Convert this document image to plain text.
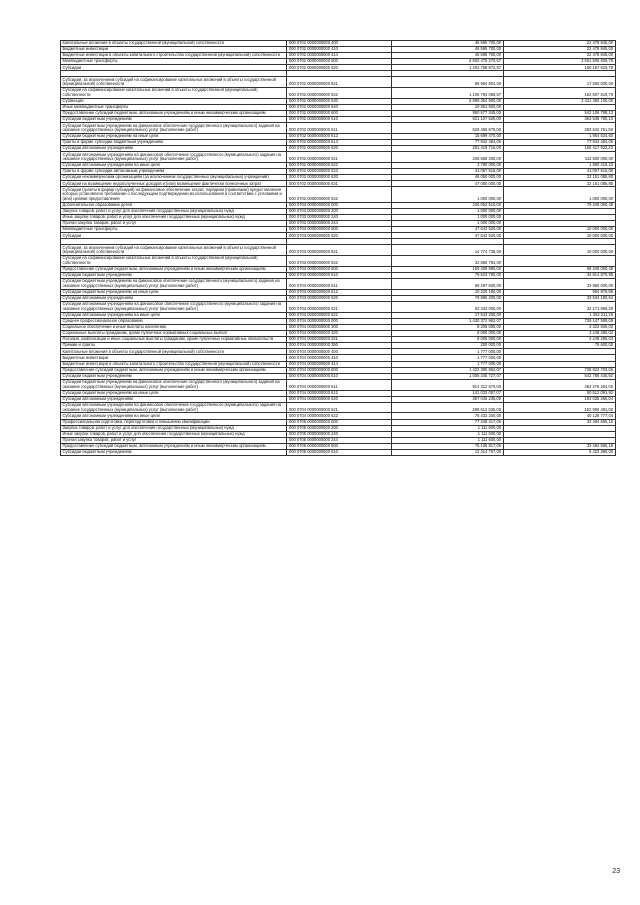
Капитальные вложения в объекты государственной (муниципальной) собственности	000 0702 0000000000 400	46 595 700,00	22 478 845,00
Бюджетные инвестиции	000 0702 0000000000 410	46 595 700,00	22 478 845,00
Бюджетные инвестиции в объекты капитального строительства государственной (муниципальной) собственности	000 0702 0000000000 414	46 595 700,00	22 478 845,00
Межбюджетные трансферты	000 0702 0000000000 500	6 602 475 270,57	3 601 506 609,79
Субсидии	000 0702 0000000000 520	1 202 758 872,57	180 157 619,79

Субсидии, за исключением субсидий на софинансирование капитальных вложений в объекты государственной (муниципальной) собственности	000 0702 0000000000 521	95 964 804,00	17 550 000,00
Субсидии на софинансирование капитальных вложений в объекты государственной (муниципальной) собственности	000 0702 0000000000 522	1 106 794 068,57	162 607 619,79
Субвенции	000 0702 0000000000 530	5 889 354 900,00	3 421 350 100,00
Иные межбюджетные трансферты	000 0702 0000000000 540	10 361 500,00	
Предоставление субсидий бюджетным, автономным учреждениям и иным некоммерческим организациям	000 0702 0000000000 600	950 577 345,00	542 106 798,13
Субсидии бюджетным учреждениям	000 0702 0000000000 610	621 107 629,00	363 538 780,10
Субсидии бюджетным учреждениям на финансовое обеспечение государственного (муниципального) задания на оказание государственных (муниципальных) услуг (выполнение работ)	000 0702 0000000000 611	528 465 675,00	283 642 761,50
Субсидии бюджетным учреждениям на иные цели	000 0702 0000000000 612	15 699 470,00	1 954 534,60
Гранты в форме субсидии бюджетным учреждениям	000 0702 0000000000 613	77 942 484,00	77 942 484,00
Субсидии автономным учреждениям	000 0702 0000000000 620	281 419 716,00	155 417 932,23
Субсидии автономным учреждениям на финансовое обеспечение государственного (муниципального) задания на оказание государственных (муниципальных) услуг (выполнение работ)	000 0702 0000000000 621	236 568 200,00	112 500 000,00
Субсидии автономным учреждениям на иные цели	000 0702 0000000000 622	3 780 000,00	1 860 416,23
Гранты в форме субсидии автономным учреждениям	000 0702 0000000000 623	41 057 516,00	41 057 516,00
Субсидии некоммерческим организациям (за исключением государственных (муниципальных) учреждений)	000 0702 0000000000 630	46 050 000,00	23 151 085,80
Субсидии на возмещение недополученных доходов и (или) возмещение фактически понесенных затрат	000 0702 0000000000 631	47 050 000,00	22 151 085,80
Субсидии (гранты в форме субсидий) на финансовое обеспечение затрат, порядком (правилами) предоставления которых установлено требование о последующем подтверждении их использования в соответствии с условиями и (или) целями предоставления	000 0702 0000000000 632	1 000 000,00	1 000 000,00
Дополнительное образование детей	000 0703 0000000000 000	236 052 510,00	79 349 060,49
Закупка товаров, работ и услуг для обеспечения государственных (муниципальных) нужд	000 0703 0000000000 200	1 000 000,00	
Иные закупки товаров, работ и услуг для обеспечения государственных (муниципальных) нужд	000 0703 0000000000 240	1 000 000,00	
Прочая закупка товаров, работ и услуг	000 0703 0000000000 244	1 000 000,00	
Межбюджетные трансферты	000 0703 0000000000 500	47 643 520,00	10 000 000,00
Субсидии	000 0703 0000000000 520	47 643 520,00	10 000 000,00

Субсидии, за исключением субсидий на софинансирование капитальных вложений в объекты государственной (муниципальной) собственности	000 0703 0000000000 521	14 774 736,00	10 000 000,00
Субсидии на софинансирование капитальных вложений в объекты государственной (муниципальной) собственности	000 0703 0000000000 522	32 868 784,00	
Предоставление субсидий бюджетным, автономным учреждениям и иным некоммерческим организациям	000 0703 0000000000 600	159 409 990,00	68 349 060,49
Субсидии бюджетным учреждениям	000 0703 0000000000 610	79 523 790,00	34 814 879,95
Субсидии бюджетным учреждениям на финансовое обеспечение государственного (муниципального) задания на оказание государственных (муниципальных) услуг (выполнение работ)	000 0703 0000000000 611	69 297 600,00	33 850 000,00
Субсидии бюджетным учреждениям на иные цели	000 0703 0000000000 612	10 226 190,00	964 879,95
Субсидии автономным учреждениям	000 0703 0000000000 620	79 886 200,00	33 534 180,54
Субсидии автономным учреждениям на финансовое обеспечение государственного (муниципального) задания на оказание государственных (муниципальных) услуг (выполнение работ)	000 0703 0000000000 621	62 342 000,00	32 171 969,29
Субсидии автономным учреждениям на иные цели	000 0703 0000000000 622	17 543 200,00	1 362 211,25
Среднее профессиональное образование	000 0704 0000000000 000	1 430 372 962,07	739 147 589,09
Социальное обеспечение и иные выплаты населению	000 0704 0000000000 300	8 205 000,00	3 323 605,03
Социальные выплаты гражданам, кроме публичных нормативных социальных выплат	000 0704 0000000000 320	8 005 000,00	3 248 286,03
Пособия, компенсации и иные социальные выплаты гражданам, кроме публичных нормативных обязательств	000 0704 0000000000 321	8 005 000,00	3 248 286,03
Премии и гранты	000 0704 0000000000 350	200 000,00	75 600,00
Капитальные вложения в объекты государственной (муниципальной) собственности	000 0704 0000000000 400	1 777 000,00	
Бюджетные инвестиции	000 0704 0000000000 410	1 777 000,00	
Бюджетные инвестиции в объекты капитального строительства государственной (муниципальной) собственности	000 0704 0000000000 414	1 777 000,00	
Предоставление субсидий бюджетным, автономным учреждениям и иным некоммерческим организациям	000 0704 0000000000 600	1 422 390 962,07	735 823 703,06
Субсидии бюджетным учреждениям	000 0704 0000000000 610	1 055 345 727,07	542 788 445,92
Субсидии бюджетным учреждениям на финансовое обеспечение государственного (муниципального) задания на оказание государственных (муниципальных) услуг (выполнение работ)	000 0704 0000000000 611	914 312 670,00	492 276 254,00
Субсидии бюджетным учреждениям на иные цели	000 0704 0000000000 612	141 033 057,07	50 512 091,92
Субсидии автономным учреждениям	000 0704 0000000000 620	367 045 235,00	193 035 256,04
Субсидии автономным учреждениям на финансовое обеспечение государственного (муниципального) задания на оказание государственных (муниципальных) услуг (выполнение работ)	000 0704 0000000000 621	288 612 035,00	152 906 481,00
Субсидии автономным учреждениям на иные цели	000 0704 0000000000 622	78 433 200,00	40 128 777,04
Профессиональная подготовка, переподготовка и повышение квалификации	000 0705 0000000000 000	77 248 417,00	33 494 656,15
Закупка товаров, работ и услуг для обеспечения государственных (муниципальных) нужд	000 0705 0000000000 200	1 111 600,00	
Иные закупки товаров, работ и услуг для обеспечения государственных (муниципальных) нужд	000 0705 0000000000 240	1 111 600,00	
Прочая закупка товаров, работ и услуг	000 0705 0000000000 244	1 111 600,00	
Предоставление субсидий бюджетным, автономным учреждениям и иным некоммерческим организациям	000 0705 0000000000 600	76 136 817,00	33 494 656,15
Субсидии бюджетным учреждениям	000 0705 0000000000 610	12 414 767,00	5 423 380,00
23
